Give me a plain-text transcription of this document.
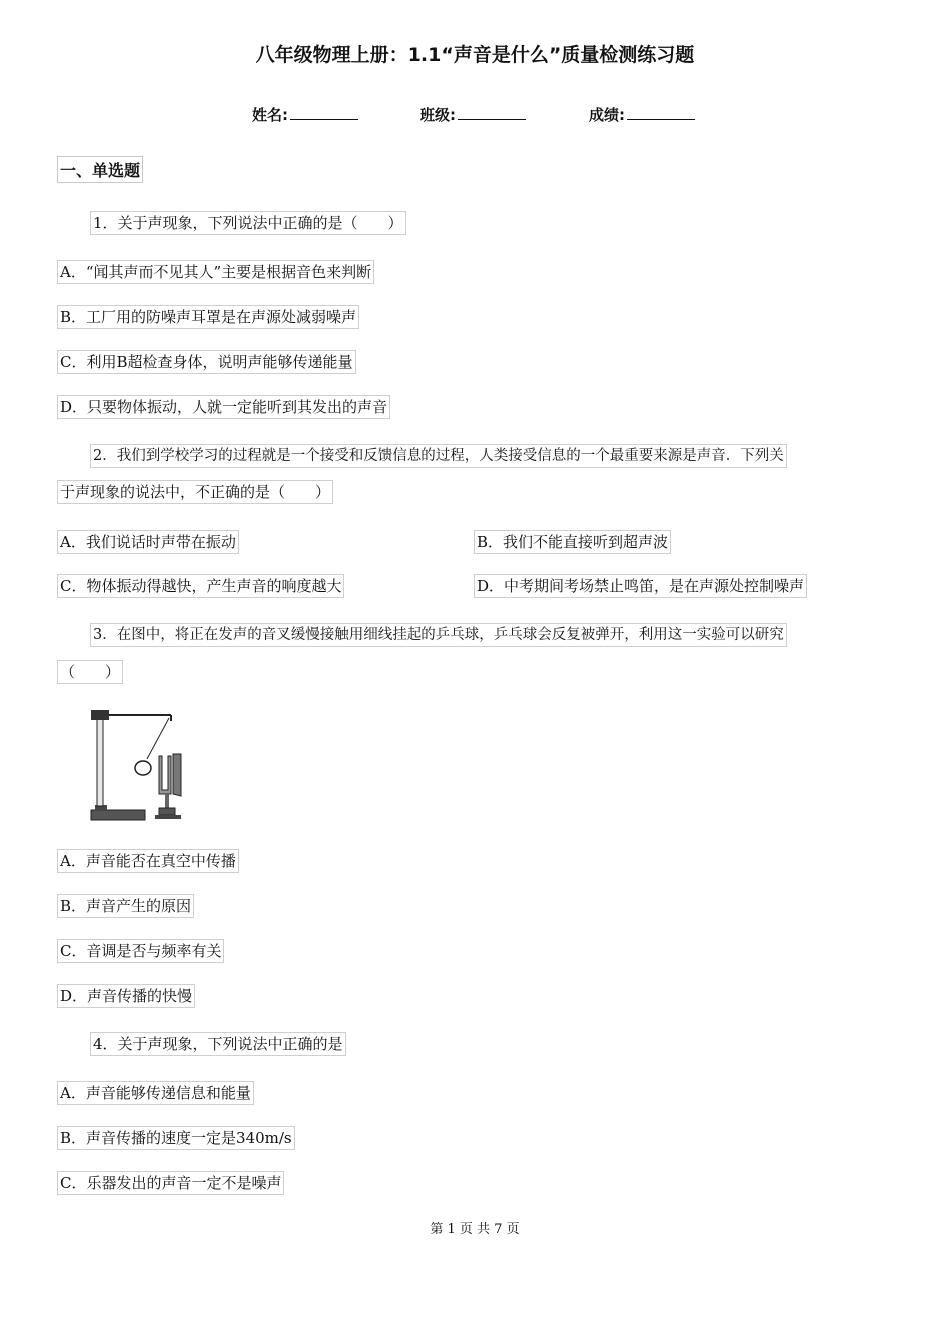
八年级物理上册：1.1“声音是什么”质量检测练习题
姓名:	班级:	成绩:
一、单选题
1．关于声现象，下列说法中正确的是（　　）
A．“闻其声而不见其人”主要是根据音色来判断
B．工厂用的防噪声耳罩是在声源处减弱噪声
C．利用B超检查身体，说明声能够传递能量
D．只要物体振动，人就一定能听到其发出的声音
2．我们到学校学习的过程就是一个接受和反馈信息的过程，人类接受信息的一个最重要来源是声音．下列关
于声现象的说法中，不正确的是（　　）
A．我们说话时声带在振动	B．我们不能直接听到超声波
C．物体振动得越快，产生声音的响度越大	D．中考期间考场禁止鸣笛，是在声源处控制噪声
3．在图中，将正在发声的音叉缓慢接触用细线挂起的乒乓球，乒乓球会反复被弹开，利用这一实验可以研究
（　　）
A．声音能否在真空中传播
B．声音产生的原因
C．音调是否与频率有关
D．声音传播的快慢
4．关于声现象，下列说法中正确的是
A．声音能够传递信息和能量
B．声音传播的速度一定是340m/s
C．乐器发出的声音一定不是噪声
第 1 页 共 7 页
